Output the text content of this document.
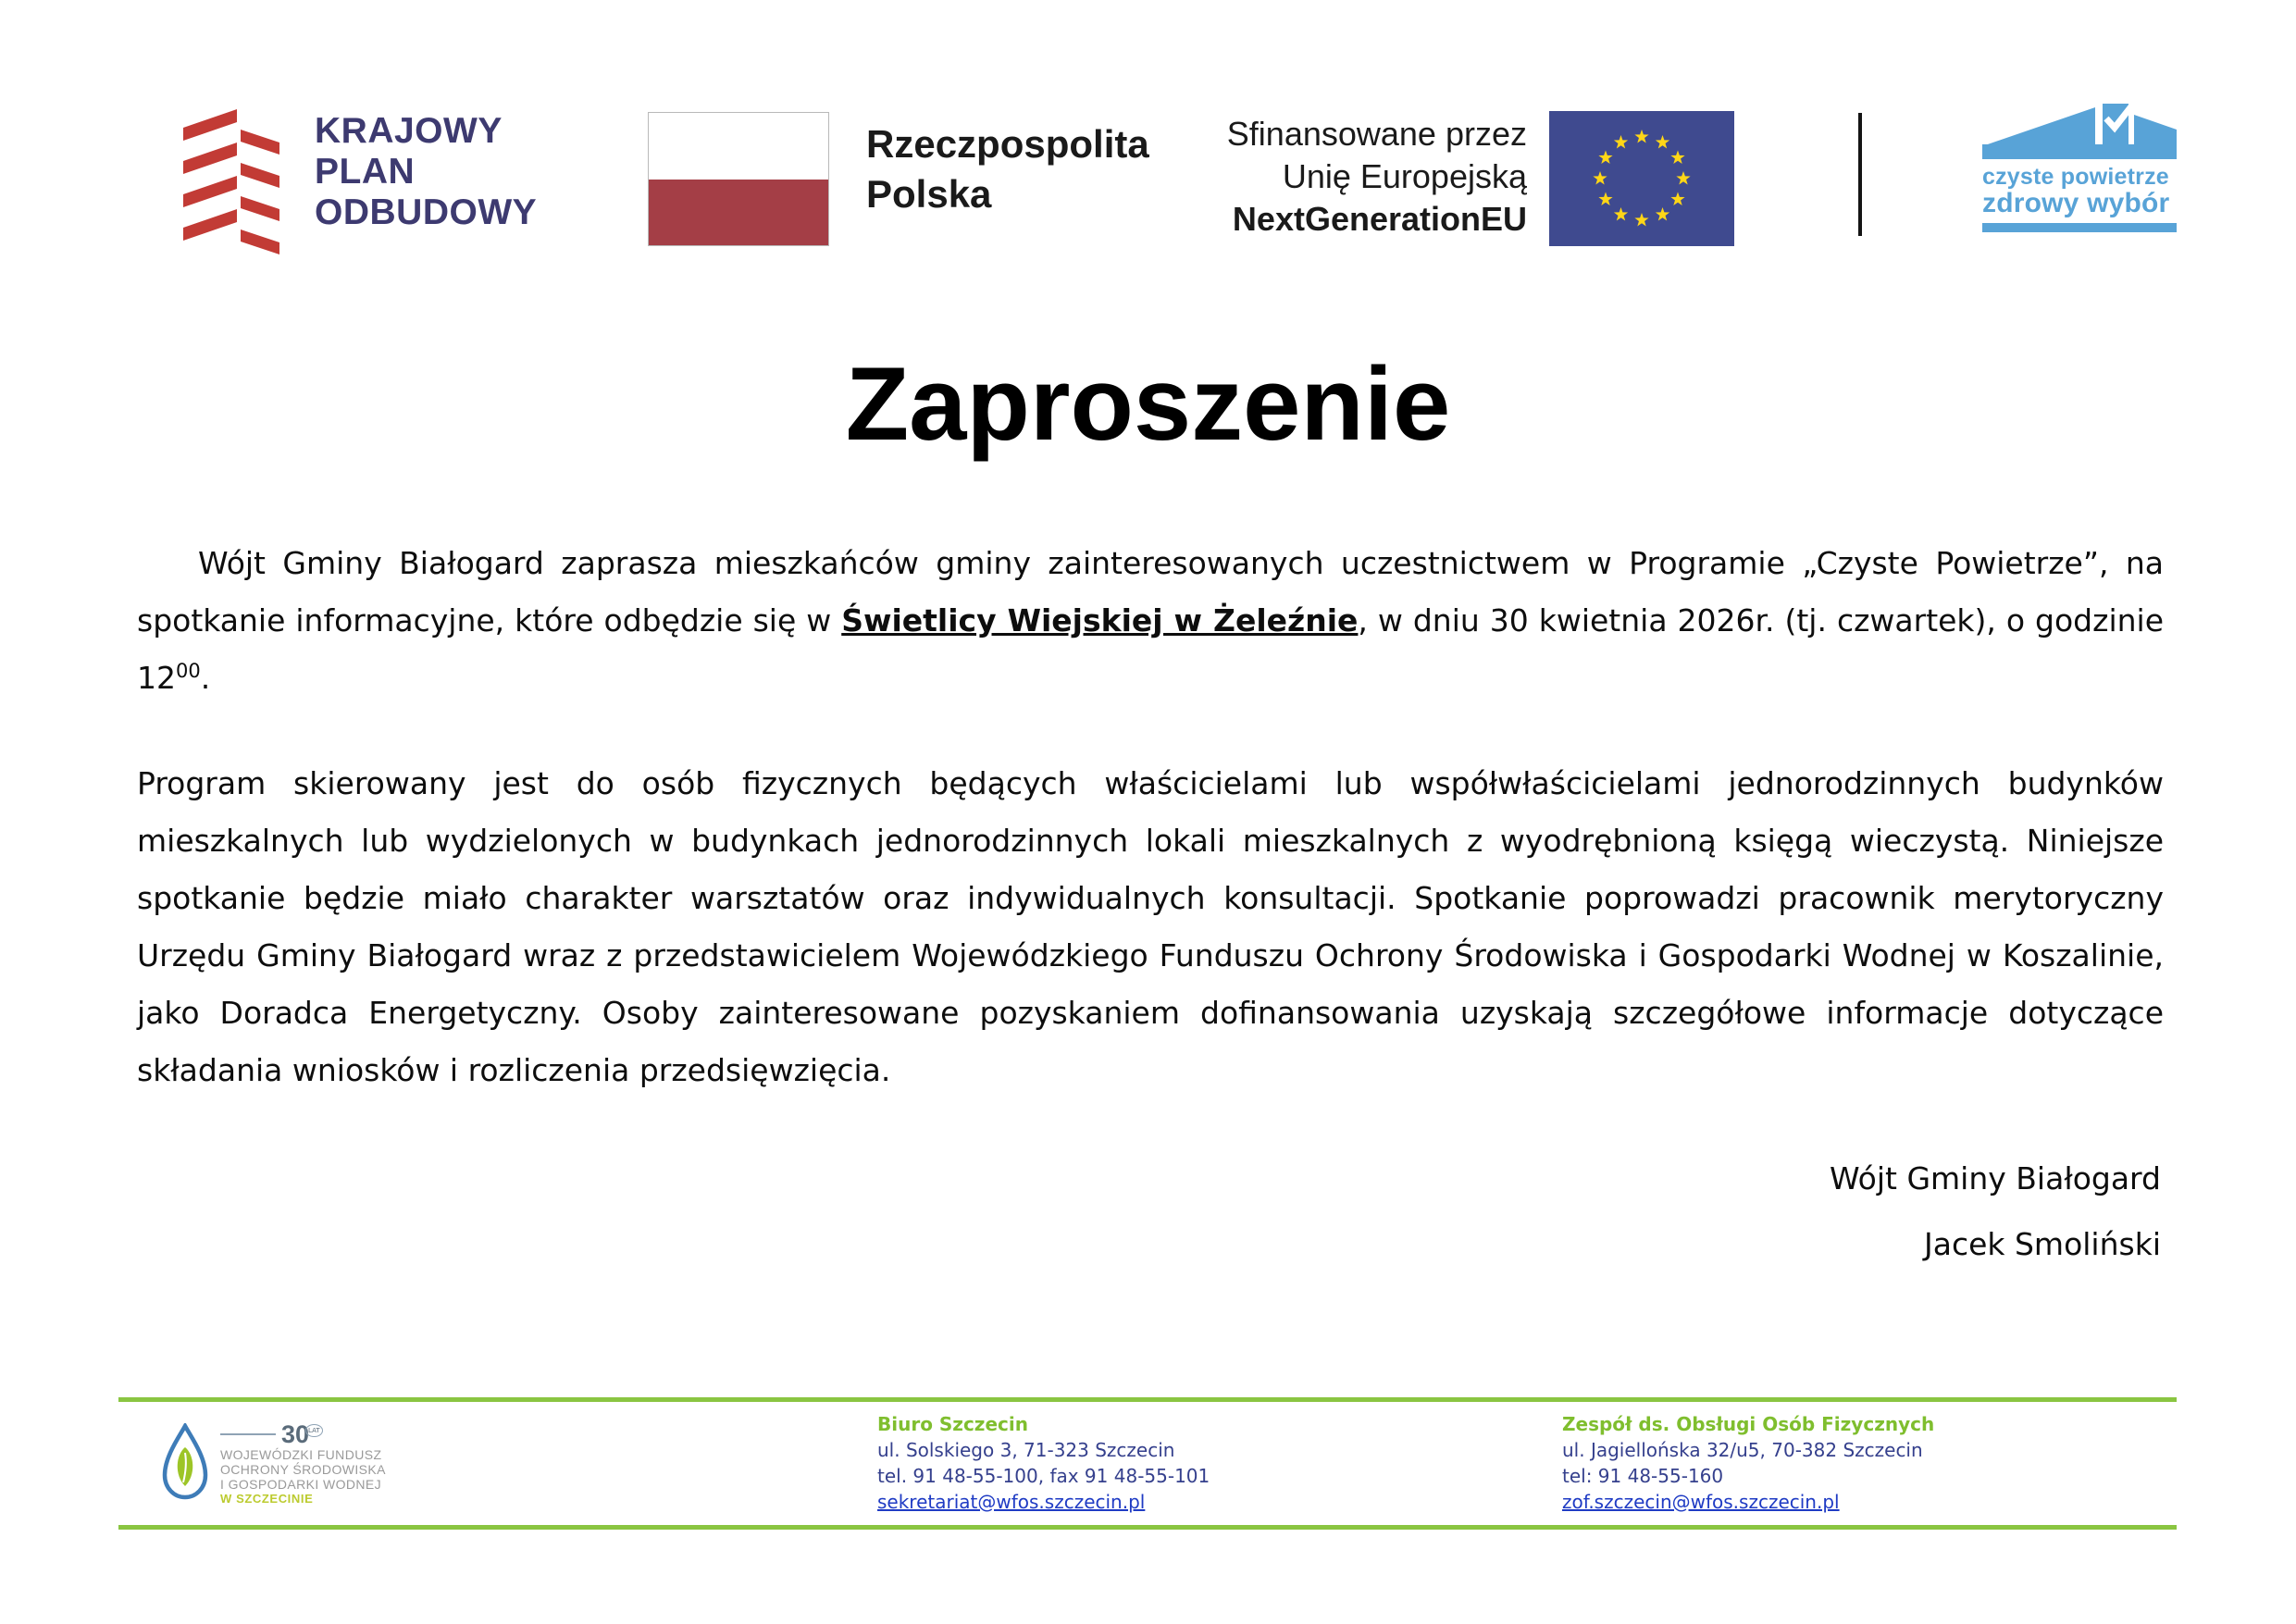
KRAJOWY
PLAN
ODBUDOWY
Rzeczpospolita
Polska
Sfinansowane przez
Unię Europejską
NextGenerationEU
czyste powietrze
zdrowy wybór
Zaproszenie

Wójt Gminy Białogard zaprasza mieszkańców gminy zainteresowanych uczestnictwem w Programie „Czyste Powietrze”, na spotkanie informacyjne, które odbędzie się w Świetlicy Wiejskiej w Żeleźnie, w dniu 30 kwietnia 2026r. (tj. czwartek), o godzinie $12^{00}$.

Program skierowany jest do osób fizycznych będących właścicielami lub współwłaścicielami jednorodzinnych budynków mieszkalnych lub wydzielonych w budynkach jednorodzinnych lokali mieszkalnych z wyodrębnioną księgą wieczystą. Niniejsze spotkanie będzie miało charakter warsztatów oraz indywidualnych konsultacji. Spotkanie poprowadzi pracownik merytoryczny Urzędu Gminy Białogard wraz z przedstawicielem Wojewódzkiego Funduszu Ochrony Środowiska i Gospodarki Wodnej w Koszalinie, jako Doradca Energetyczny. Osoby zainteresowane pozyskaniem dofinansowania uzyskają szczegółowe informacje dotyczące składania wniosków i rozliczenia przedsięwzięcia.

Wójt Gminy Białogard
Jacek Smoliński
30 LAT
WOJEWÓDZKI FUNDUSZ
OCHRONY ŚRODOWISKA
I GOSPODARKI WODNEJ
W SZCZECINIE
Biuro Szczecin
ul. Solskiego 3, 71-323 Szczecin
tel. 91 48-55-100, fax 91 48-55-101
sekretariat@wfos.szczecin.pl
Zespół ds. Obsługi Osób Fizycznych
ul. Jagiellońska 32/u5, 70-382 Szczecin
tel: 91 48-55-160
zof.szczecin@wfos.szczecin.pl
